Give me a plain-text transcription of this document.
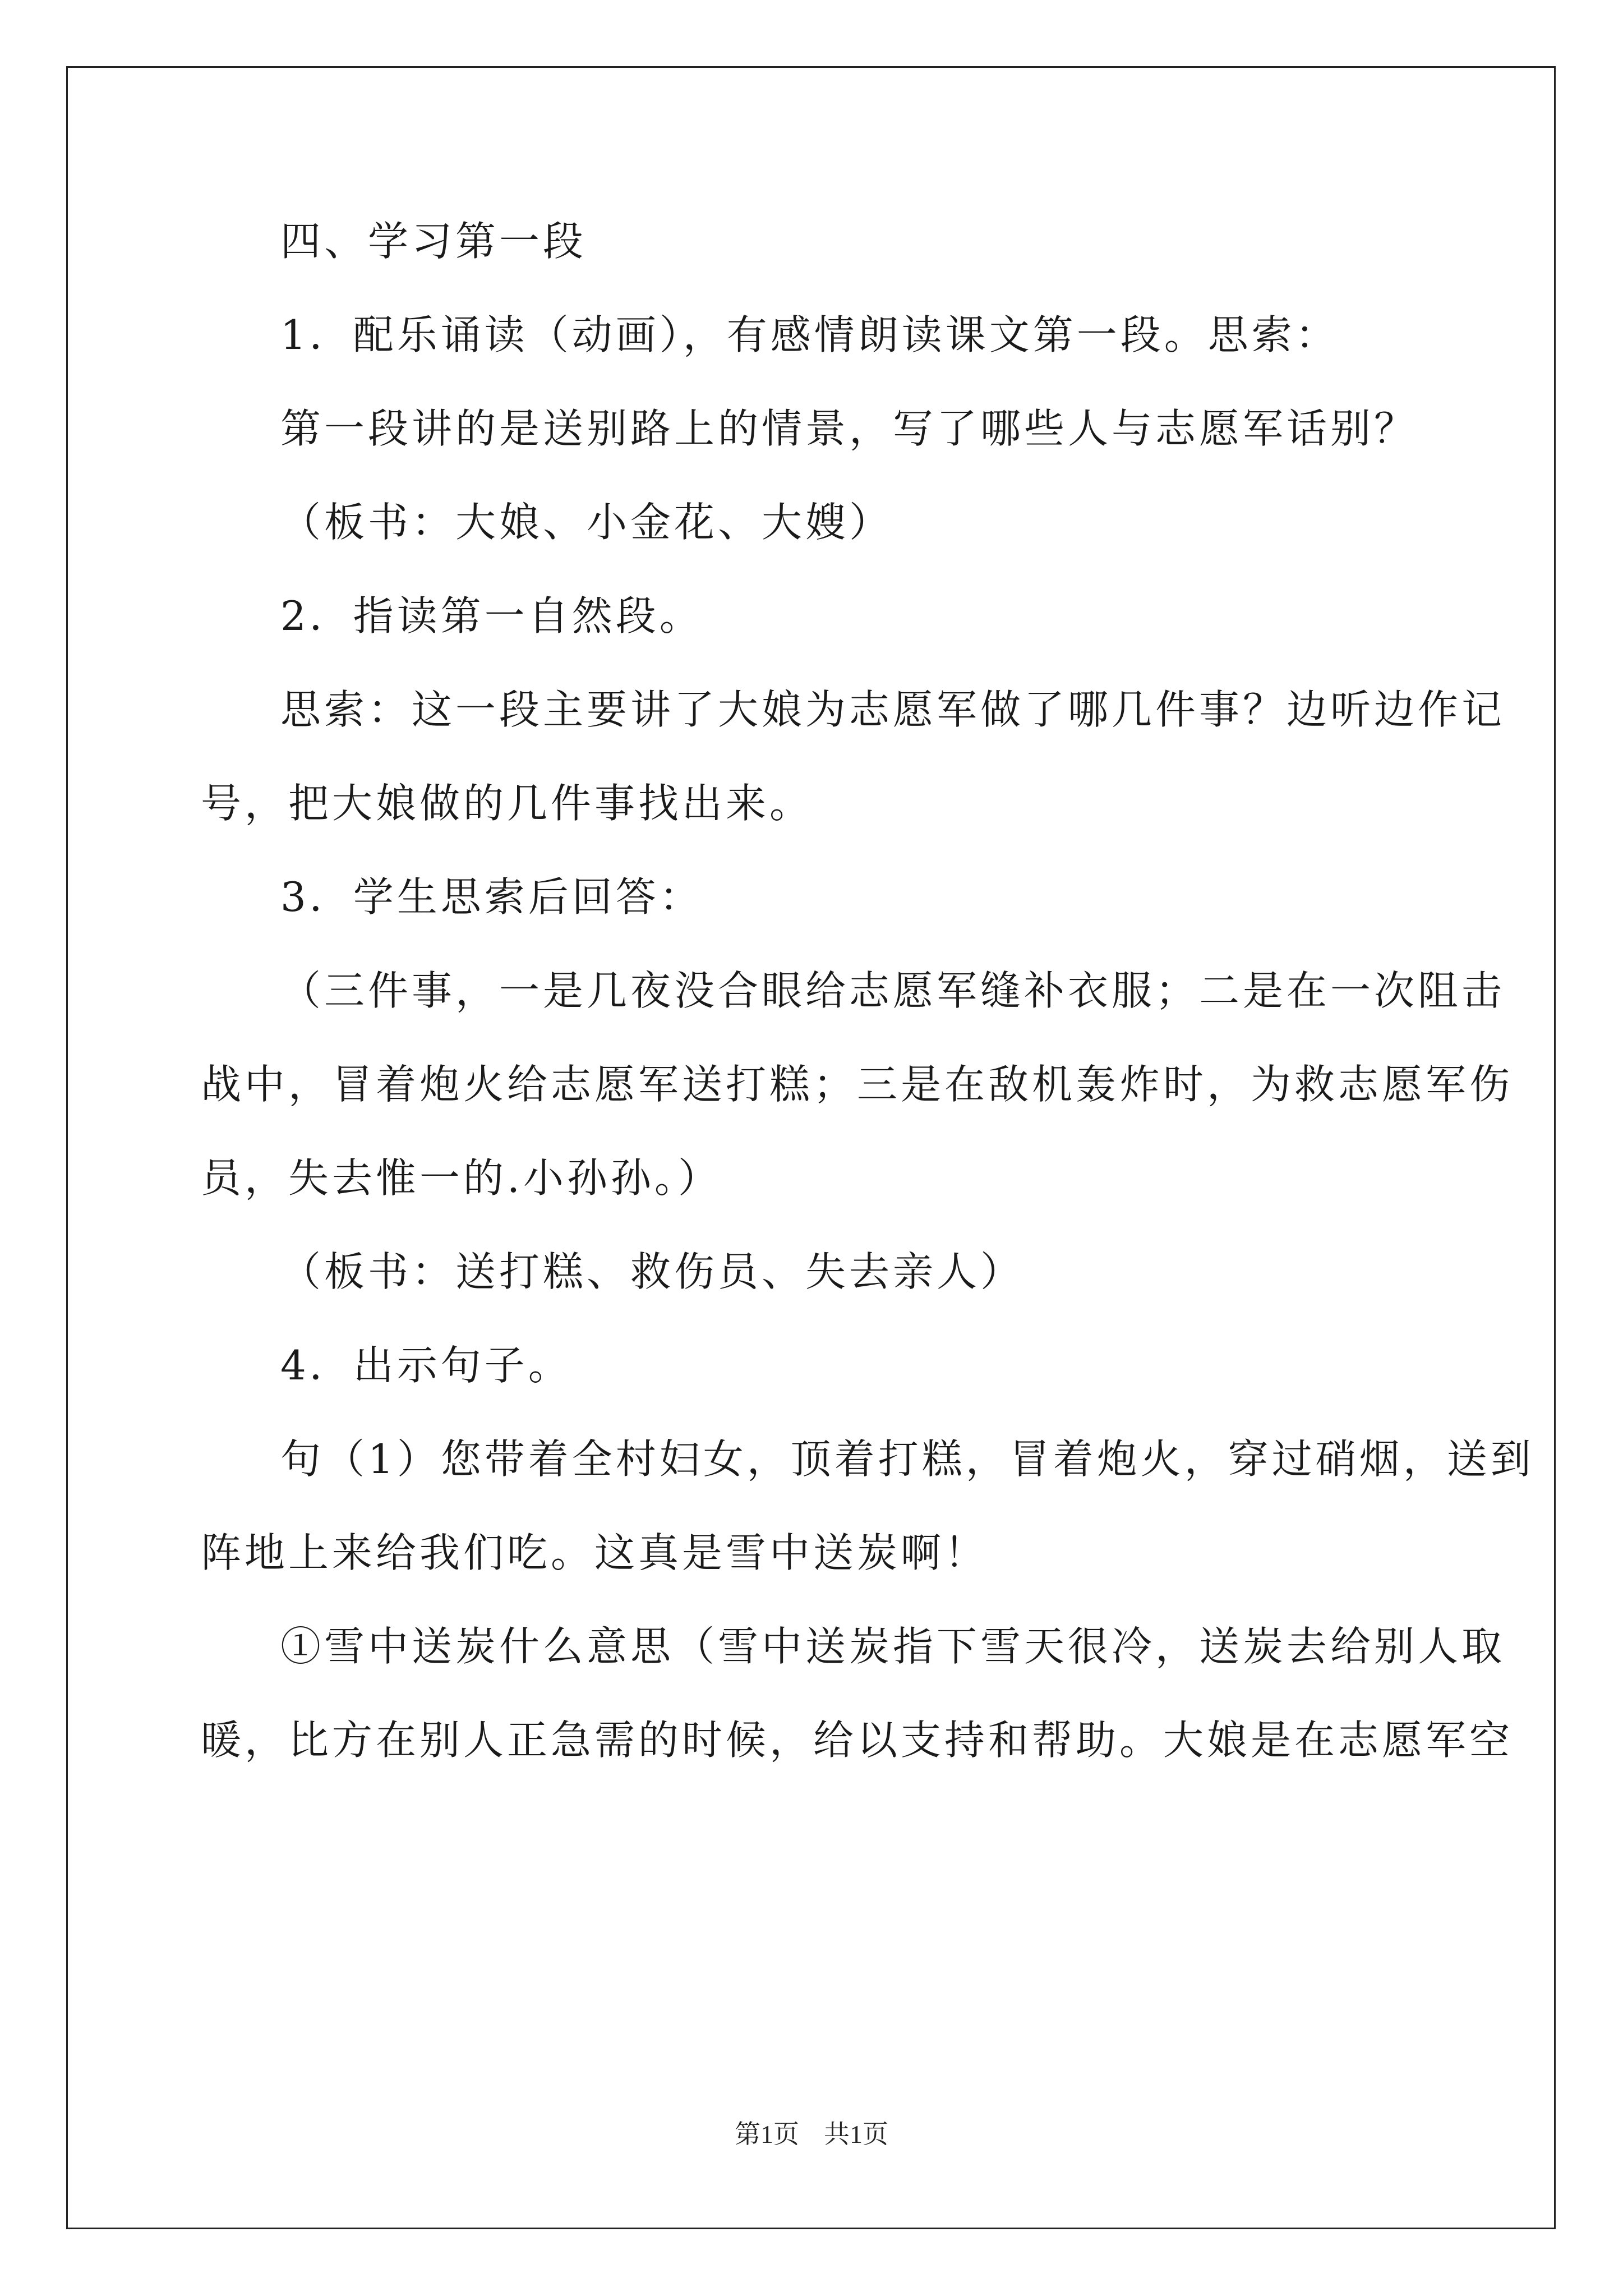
四、学习第一段
1．配乐诵读（动画），有感情朗读课文第一段。思索：
第一段讲的是送别路上的情景，写了哪些人与志愿军话别？
（板书：大娘、小金花、大嫂）
2．指读第一自然段。
思索：这一段主要讲了大娘为志愿军做了哪几件事？边听边作记
号，把大娘做的几件事找出来。
3．学生思索后回答：
（三件事，一是几夜没合眼给志愿军缝补衣服；二是在一次阻击
战中，冒着炮火给志愿军送打糕；三是在敌机轰炸时，为救志愿军伤
员，失去惟一的.小孙孙。）
（板书：送打糕、救伤员、失去亲人）
4．出示句子。
句（1）您带着全村妇女，顶着打糕，冒着炮火，穿过硝烟，送到
阵地上来给我们吃。这真是雪中送炭啊！
①雪中送炭什么意思（雪中送炭指下雪天很冷，送炭去给别人取
暖，比方在别人正急需的时候，给以支持和帮助。大娘是在志愿军空
第1页 共1页
